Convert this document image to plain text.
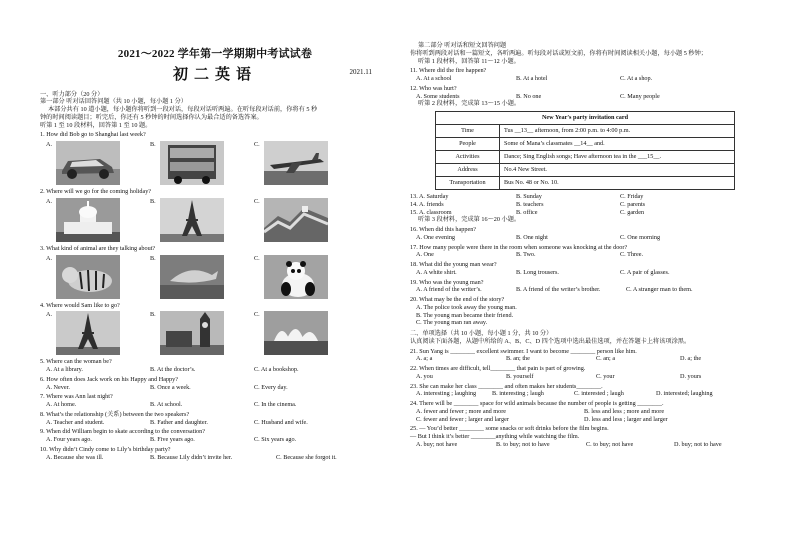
2021～2022 学年第一学期期中考试试卷
初二英语	2021.11
一、听力部分（20 分）
第一部分 听对话回答问题（共 10 小题，每小题 1 分）
本部分共有 10 道小题，每小题你将听到一段对话，每段对话听两遍。在听每段对话前，你将有 5 秒
钟的时间阅读题目；听完后，你还有 5 秒钟的时间选择你认为最合适的备选答案。
听第 1 至 10 段材料，回答第 1 至 10 题。
1. How did Bob go to Shanghai last week?
A.	B.	C.
2. Where will we go for the coming holiday?
A.	B.	C.
3. What kind of animal are they talking about?
A.	B.	C.
4. Where would Sam like to go?
A.	B.	C.
5. Where can the woman be?
A. At a library.	B. At the doctor’s.	C. At a bookshop.
6. How often does Jack work on his Happy and Happy?
A. Never.	B. Once a week.	C. Every day.
7. Where was Ann last night?
A. At home.	B. At school.	C. In the cinema.
8. What’s the relationship (关系) between the two speakers?
A. Teacher and student.	B. Father and daughter.	C. Husband and wife.
9. When did William begin to skate according to the conversation?
A. Four years ago.	B. Five years ago.	C. Six years ago.
10. Why didn’t Cindy come to Lily’s birthday party?
A. Because she was ill.	B. Because Lily didn’t invite her.	C. Because she forgot it.
第二部分 听对话和短文回答问题
你将听到两段对话和一篇短文，各听两遍。听每段对话或短文前，你将有时间阅读相关小题，每小题 5 秒钟；
听第 1 段材料，回答第 11～12 小题。
11. Where did the fire happen?
A. At a school	B. At a hotel	C. At a shop.
12. Who was hurt?
A. Some students	B. No one	C. Many people
听第 2 段材料，完成第 13～15 小题。
New Year's party invitation card	
Time	Tus __13__ afternoon, from 2:00 p.m. to 4:00 p.m.
People	Some of Mana’s classmates __14__ and.
Activities	Dance; Sing English songs; Have afternoon tea in the ___15__.
Address	No.4 New Street.
Transportation	Bus No. 48 or No. 10.
13. A. Saturday	B. Sunday	C. Friday
14. A. friends	B. teachers	C. parents
15. A. classroom	B. office	C. garden
听第 3 段材料，完成第 16～20 小题。
16. When did this happen?
A. One evening	B. One night	C. One morning
17. How many people were there in the room when someone was knocking at the door?
A. One	B. Two.	C. Three.
18. What did the young man wear?
A. A white shirt.	B. Long trousers.	C. A pair of glasses.
19. Who was the young man?
A. A friend of the writer’s.	B. A friend of the writer’s brother.	C. A stranger man to them.
20. What may be the end of the story?
A. The police took away the young man.
B. The young man became their friend.
C. The young man ran away.
二、单项选择（共 10 小题，每小题 1 分，共 10 分）
认真阅读下面各题，从题中所给的 A、B、C、D 四个选项中选出最佳选项，并在答题卡上将该项涂黑。
21. Sun Yang is ________ excellent swimmer. I want to become ________ person like him.
A. a; a	B. an; the	C. an; a	D. a; the
22. When times are difficult, tell________ that pain is part of growing.
A. you	B. yourself	C. your	D. yours
23. She can make her class ________ and often makes her students________.
A. interesting ; laughing	B. interesting ; laugh	C. interested ; laugh	D. interested; laughing
24. There will be ________ space for wild animals because the number of people is getting ________.
A. fewer and fewer ; more and more	B. less and less ; more and more
C. fewer and fewer ; larger and larger	D. less and less ; larger and larger
25. — You’d better ________ some snacks or soft drinks before the film begins.
— But I think it’s better ________anything while watching the film.
A. buy; not have	B. to buy; not to have	C. to buy; not have	D. buy; not to have
